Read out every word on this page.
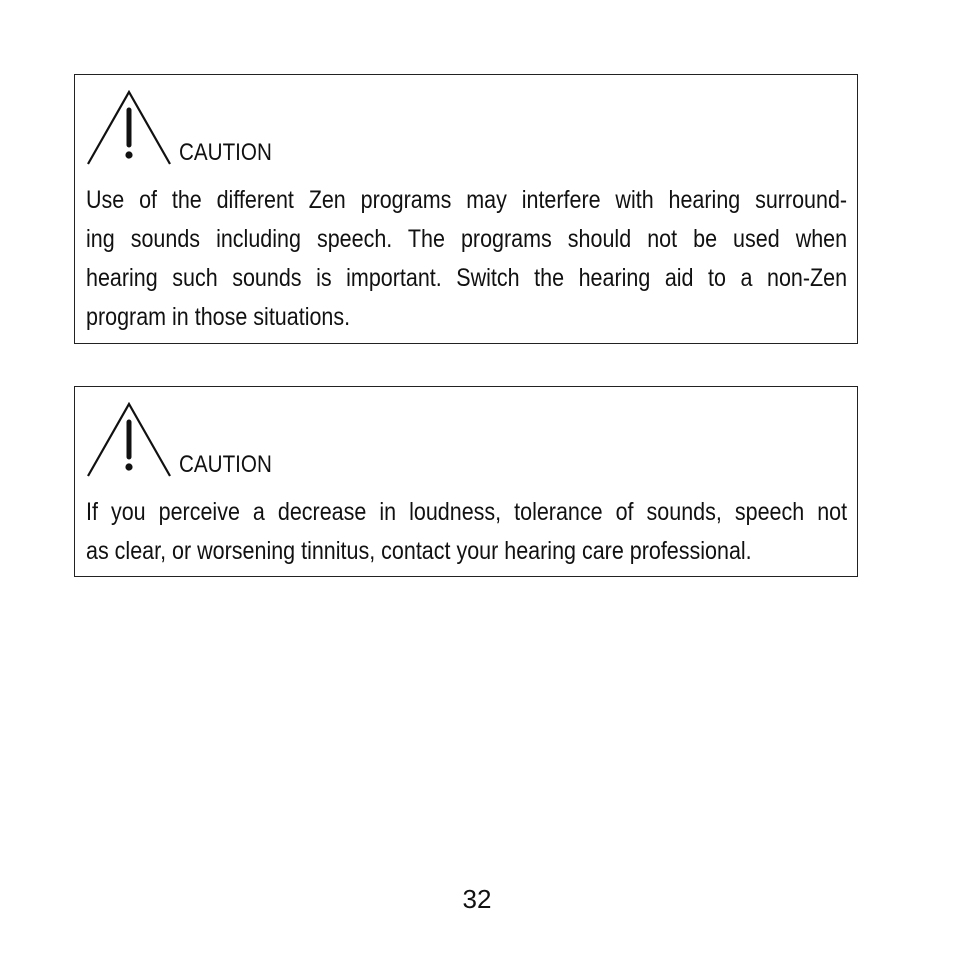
CAUTION
Use of the different Zen programs may interfere with hearing surround-
ing sounds including speech. The programs should not be used when
hearing such sounds is important. Switch the hearing aid to a non-Zen
program in those situations.
CAUTION
If you perceive a decrease in loudness, tolerance of sounds, speech not
as clear, or worsening tinnitus, contact your hearing care professional.
32
